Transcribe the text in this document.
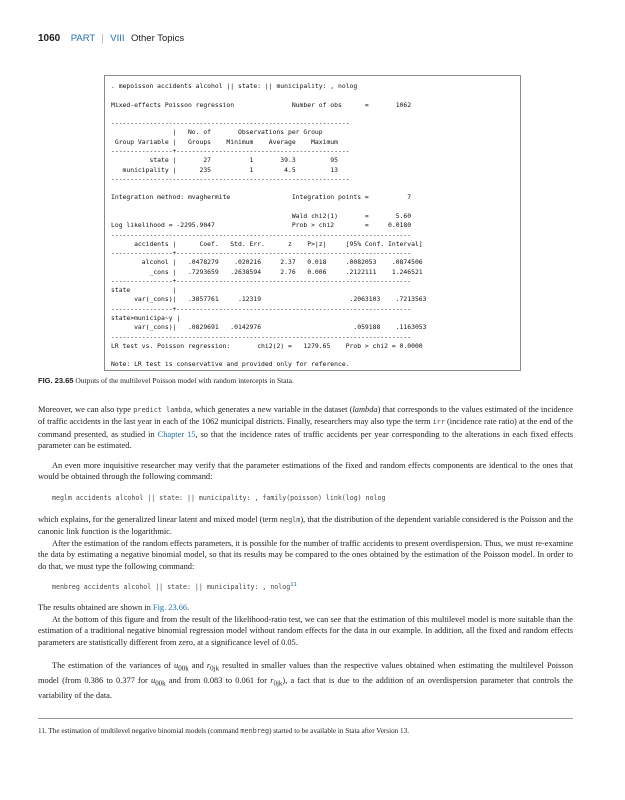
1060 PART | VIII Other Topics
. mepoisson accidents alcohol || state: || municipality: , nolog

Mixed-effects Poisson regression               Number of obs      =       1062

--------------------------------------------------------------
|   No. of       Observations per Group
Group Variable |   Groups    Minimum    Average    Maximum
----------------+---------------------------------------------
state |       27          1       39.3         95
municipality |      235          1        4.5         13
--------------------------------------------------------------

Integration method: mvaghermite                Integration points =          7

Wald chi2(1)       =       5.60
Log likelihood = -2295.9047                    Prob > chi2        =     0.0180
------------------------------------------------------------------------------
accidents |      Coef.   Std. Err.      z    P>|z|     [95% Conf. Interval]
----------------+-------------------------------------------------------------
alcohol |   .0478279    .020216     2.37   0.018     .0082053    .0874506
_cons |   .7293659   .2638594     2.76   0.006     .2122111    1.246521
----------------+-------------------------------------------------------------
state           |
var(_cons)|   .3857761     .12319                       .2063103    .7213563
----------------+-------------------------------------------------------------
state>municipa~y |
var(_cons)|   .0829691   .0142976                        .059188    .1163053
------------------------------------------------------------------------------
LR test vs. Poisson regression:       chi2(2) =   1279.65    Prob > chi2 = 0.0000

Note: LR test is conservative and provided only for reference.

FIG. 23.65 Outputs of the multilevel Poisson model with random intercepts in Stata.

Moreover, we can also type predict lambda, which generates a new variable in the dataset (lambda) that corresponds to the values estimated of the incidence of traffic accidents in the last year in each of the 1062 municipal districts. Finally, researchers may also type the term irr (incidence rate ratio) at the end of the command presented, as studied in Chapter 15, so that the incidence rates of traffic accidents per year corresponding to the alterations in each fixed effects parameter can be estimated.

An even more inquisitive researcher may verify that the parameter estimations of the fixed and random effects components are identical to the ones that would be obtained through the following command:

meglm accidents alcohol || state: || municipality: , family(poisson) link(log) nolog

which explains, for the generalized linear latent and mixed model (term meglm), that the distribution of the dependent variable considered is the Poisson and the canonic link function is the logarithmic.

After the estimation of the random effects parameters, it is possible for the number of traffic accidents to present overdispersion. Thus, we must re-examine the data by estimating a negative binomial model, so that its results may be compared to the ones obtained by the estimation of the Poisson model. In order to do that, we must type the following command:

menbreg accidents alcohol || state: || municipality: , nolog$^{11}$

The results obtained are shown in Fig. 23.66.

At the bottom of this figure and from the result of the likelihood-ratio test, we can see that the estimation of this multilevel model is more suitable than the estimation of a traditional negative binomial regression model without random effects for the data in our example. In addition, all the fixed and random effects parameters are statistically different from zero, at a significance level of 0.05.

The estimation of the variances of $u_{00k}$ and $r_{0jk}$ resulted in smaller values than the respective values obtained when estimating the multilevel Poisson model (from 0.386 to 0.377 for $u_{00k}$ and from 0.083 to 0.061 for $r_{0jk}$), a fact that is due to the addition of an overdispersion parameter that controls the variability of the data.

11. The estimation of multilevel negative binomial models (command menbreg) started to be available in Stata after Version 13.
